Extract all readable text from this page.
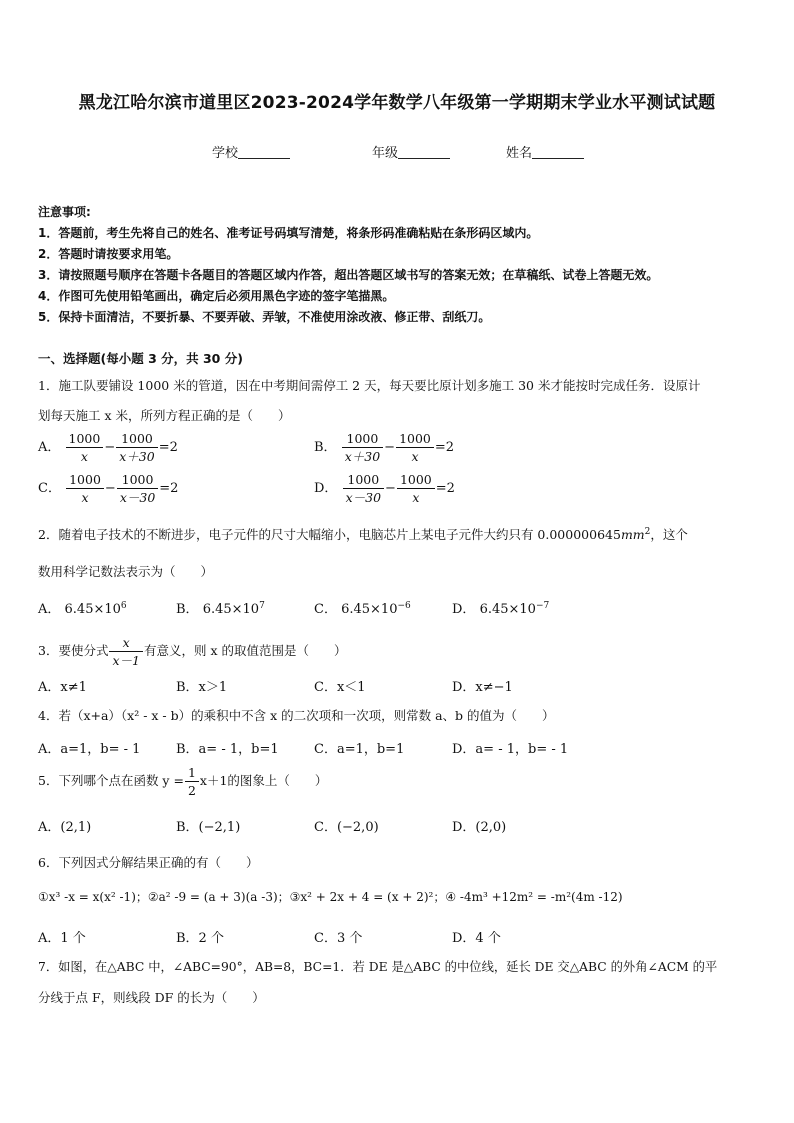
黑龙江哈尔滨市道里区2023-2024学年数学八年级第一学期期末学业水平测试试题
学校	年级	姓名
注意事项:
1．答题前，考生先将自己的姓名、准考证号码填写清楚，将条形码准确粘贴在条形码区域内。
2．答题时请按要求用笔。
3．请按照题号顺序在答题卡各题目的答题区域内作答，超出答题区域书写的答案无效；在草稿纸、试卷上答题无效。
4．作图可先使用铅笔画出，确定后必须用黑色字迹的签字笔描黑。
5．保持卡面清洁，不要折暴、不要弄破、弄皱，不准使用涂改液、修正带、刮纸刀。
一、选择题(每小题 3 分，共 30 分)
1．施工队要铺设 1000 米的管道，因在中考期间需停工 2 天，每天要比原计划多施工 30 米才能按时完成任务．设原计
划每天施工 x 米，所列方程正确的是（　　）
A． $\frac{1000}{x} - \frac{1000}{x+30} =2$	B． $\frac{1000}{x+30} - \frac{1000}{x} =2$
C． $\frac{1000}{x} - \frac{1000}{x-30} =2$	D． $\frac{1000}{x-30} - \frac{1000}{x} =2$
2．随着电子技术的不断进步，电子元件的尺寸大幅缩小，电脑芯片上某电子元件大约只有 $0.000000645mm^2$，这个
数用科学记数法表示为（　　）
A． $6.45\times 10^6$	B． $6.45\times 10^7$	C． $6.45\times 10^{-6}$	D． $6.45\times 10^{-7}$
3．要使分式 $\frac{x}{x-1}$ 有意义，则 x 的取值范围是（　　）
A．x≠1	B．x＞1	C．x＜1	D．x≠−1
4．若（x+a）（x² - x - b）的乘积中不含 x 的二次项和一次项，则常数 a、b 的值为（　　）
A．a=1，b= - 1	B．a= - 1，b=1	C．a=1，b=1	D．a= - 1，b= - 1
5．下列哪个点在函数 $y = \frac{1}{2} x+1$的图象上（　　）
A．(2,1)	B．(−2,1)	C．(−2,0)	D．(2,0)
6．下列因式分解结果正确的有（　　）
①x³ -x = x(x² -1)；②a² -9 = (a + 3)(a -3)；③x² + 2x + 4 = (x + 2)²；④ -4m³ +12m² = -m²(4m -12)
A．1 个	B．2 个	C．3 个	D．4 个
7．如图，在△ABC 中，∠ABC=90°，AB=8，BC=1．若 DE 是△ABC 的中位线，延长 DE 交△ABC 的外角∠ACM 的平
分线于点 F，则线段 DF 的长为（　　）
